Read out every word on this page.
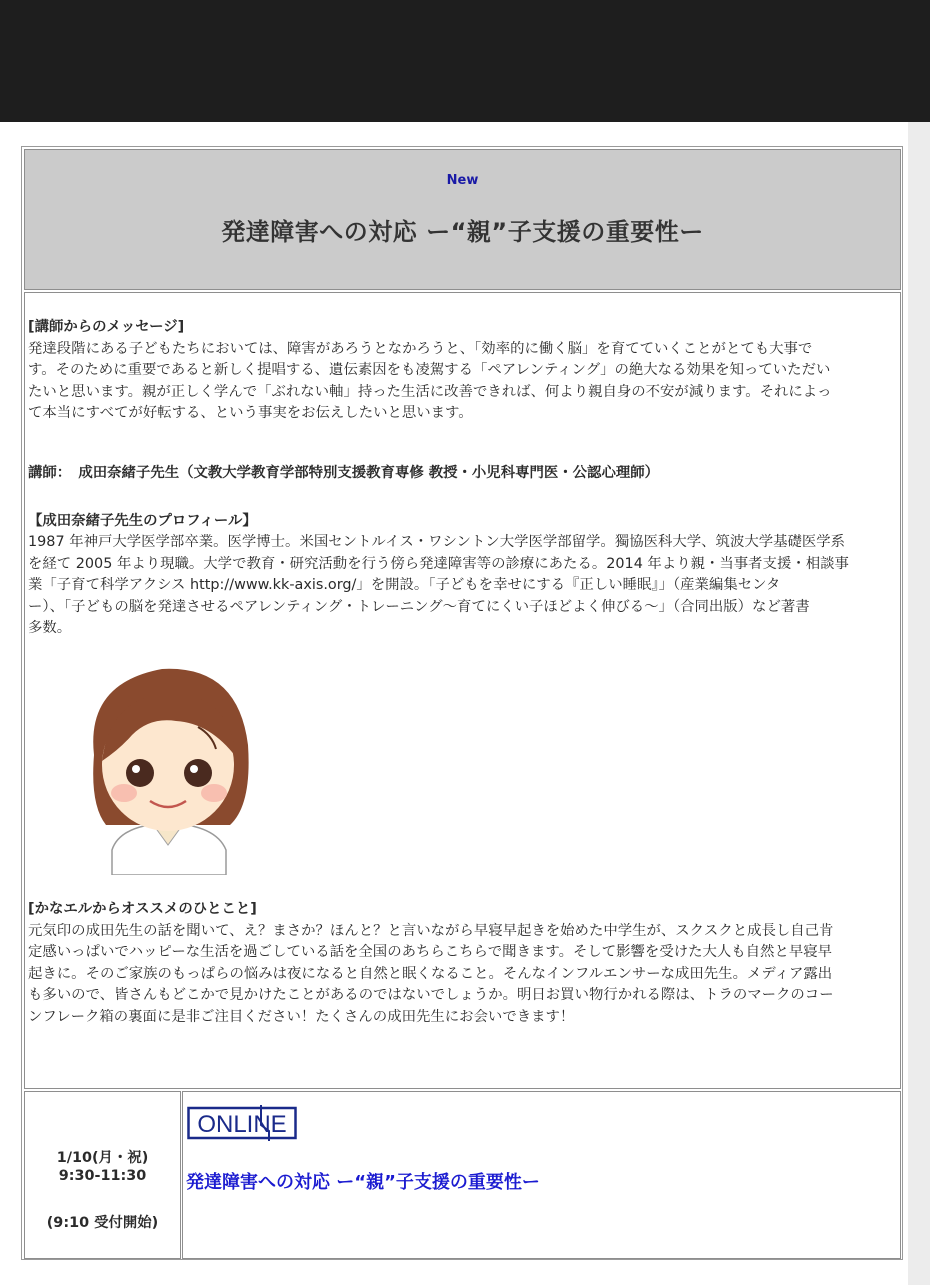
New
発達障害への対応 ー“親”子支援の重要性ー
[講師からのメッセージ]
発達段階にある子どもたちにおいては、障害があろうとなかろうと、「効率的に働く脳」を育てていくことがとても大事で
す。そのために重要であると新しく提唱する、遺伝素因をも凌駕する「ペアレンティング」の絶大なる効果を知っていただい
たいと思います。親が正しく学んで「ぶれない軸」持った生活に改善できれば、何より親自身の不安が減ります。それによっ
て本当にすべてが好転する、という事実をお伝えしたいと思います。
講師：　成田奈緒子先生（文教大学教育学部特別支援教育専修 教授・小児科専門医・公認心理師）
【成田奈緒子先生のプロフィール】
1987 年神戸大学医学部卒業。医学博士。米国セントルイス・ワシントン大学医学部留学。獨協医科大学、筑波大学基礎医学系
を経て 2005 年より現職。大学で教育・研究活動を行う傍ら発達障害等の診療にあたる。2014 年より親・当事者支援・相談事
業「子育て科学アクシス http://www.kk-axis.org/」を開設。「子どもを幸せにする『正しい睡眠』」（産業編集センタ
ー）、「子どもの脳を発達させるペアレンティング・トレーニング～育てにくい子ほどよく伸びる～」（合同出版）など著書
多数。
[かなエルからオススメのひとこと]
元気印の成田先生の話を聞いて、え？まさか？ほんと？と言いながら早寝早起きを始めた中学生が、スクスクと成長し自己肯
定感いっぱいでハッピーな生活を過ごしている話を全国のあちらこちらで聞きます。そして影響を受けた大人も自然と早寝早
起きに。そのご家族のもっぱらの悩みは夜になると自然と眠くなること。そんなインフルエンサーな成田先生。メディア露出
も多いので、皆さんもどこかで見かけたことがあるのではないでしょうか。明日お買い物行かれる際は、トラのマークのコー
ンフレーク箱の裏面に是非ご注目ください！たくさんの成田先生にお会いできます！
1/10(月・祝)
9:30-11:30
(9:10 受付開始)
ONLINE
発達障害への対応 ー“親”子支援の重要性ー
